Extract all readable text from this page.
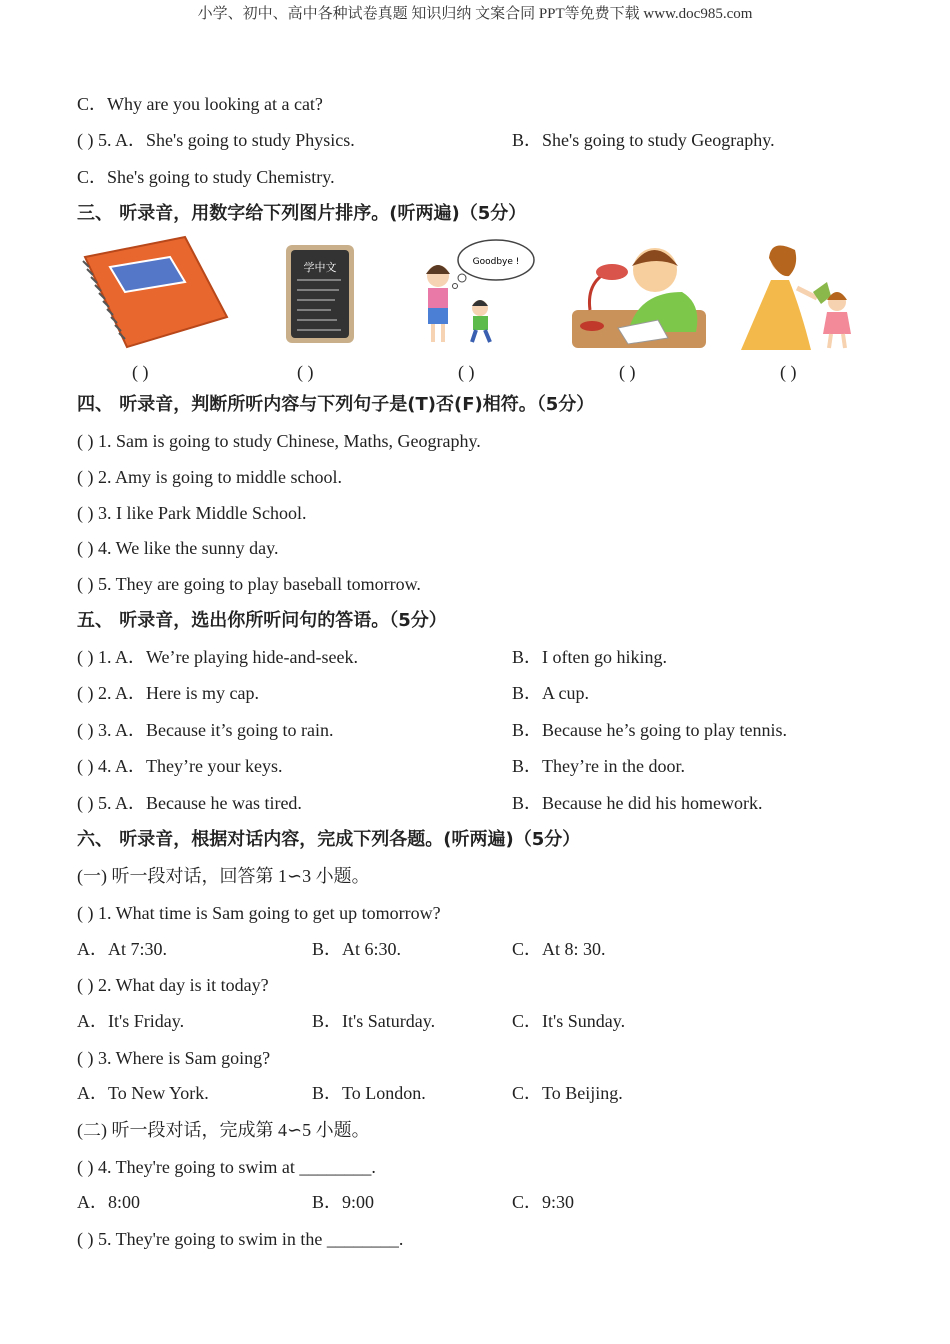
小学、初中、高中各种试卷真题 知识归纳 文案合同 PPT等免费下载 www.doc985.com
C．Why are you looking at a cat?
( ) 5. A．She's going to study Physics.	B．She's going to study Geography.
C．She's going to study Chemistry.
三、 听录音，用数字给下列图片排序。(听两遍)（5分）
学中文	Goodbye !
( )	( )	( )	( )	( )
四、 听录音，判断所听内容与下列句子是(T)否(F)相符。（5分）
( ) 1. Sam is going to study Chinese, Maths, Geography.
( ) 2. Amy is going to middle school.
( ) 3. I like Park Middle School.
( ) 4. We like the sunny day.
( ) 5. They are going to play baseball tomorrow.
五、 听录音，选出你所听问句的答语。（5分）
( ) 1. A．We’re playing hide-and-seek.	B．I often go hiking.
( ) 2. A．Here is my cap.	B．A cup.
( ) 3. A．Because it’s going to rain.	B．Because he’s going to play tennis.
( ) 4. A．They’re your keys.	B．They’re in the door.
( ) 5. A．Because he was tired.	B．Because he did his homework.
六、 听录音，根据对话内容，完成下列各题。(听两遍)（5分）
(一) 听一段对话，回答第 1∽3 小题。
( ) 1. What time is Sam going to get up tomorrow?
A．At 7:30.	B．At 6:30.	C．At 8: 30.
( ) 2. What day is it today?
A．It's Friday.	B．It's Saturday.	C．It's Sunday.
( ) 3. Where is Sam going?
A．To New York.	B．To London.	C．To Beijing.
(二) 听一段对话，完成第 4∽5 小题。
( ) 4. They're going to swim at ________.
A．8:00	B．9:00	C．9:30
( ) 5. They're going to swim in the ________.
